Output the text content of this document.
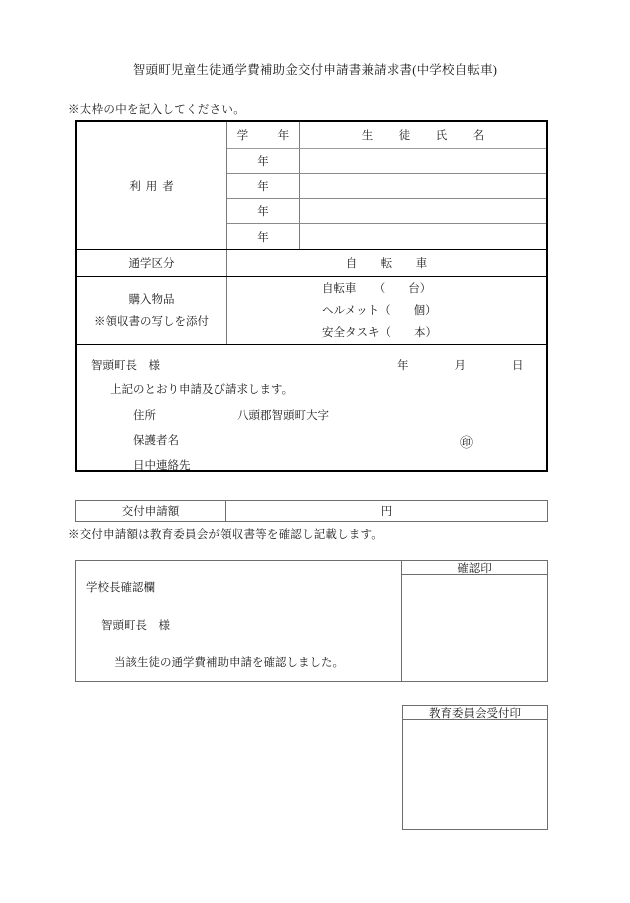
智頭町児童生徒通学費補助金交付申請書兼請求書(中学校自転車)
※太枠の中を記入してください。
利用者
学　年	生　徒　氏　名
年
年
年
年
通学区分	自　転　車
購入物品
※領収書の写しを添付
自転車　　（　　台）
ヘルメット（　　個）
安全タスキ（　　本）
智頭町長　様	年　　　　月　　　　日
上記のとおり申請及び請求します。
住所	八頭郡智頭町大字
保護者名	㊞
日中連絡先
交付申請額	円
※交付申請額は教育委員会が領収書等を確認し記載します。
学校長確認欄
智頭町長　様
当該生徒の通学費補助申請を確認しました。
確認印
教育委員会受付印
